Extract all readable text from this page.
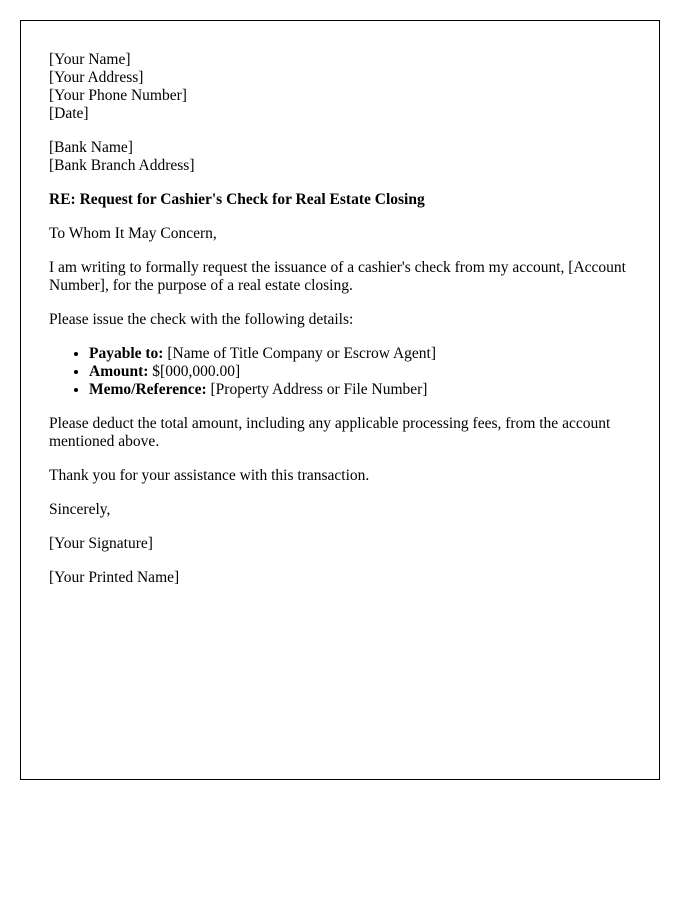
[Your Name]
[Your Address]
[Your Phone Number]
[Date]
[Bank Name]
[Bank Branch Address]
RE: Request for Cashier's Check for Real Estate Closing

To Whom It May Concern,

I am writing to formally request the issuance of a cashier's check from my account, [Account Number], for the purpose of a real estate closing.

Please issue the check with the following details:

• Payable to: [Name of Title Company or Escrow Agent]
• Amount: $[000,000.00]
• Memo/Reference: [Property Address or File Number]

Please deduct the total amount, including any applicable processing fees, from the account mentioned above.

Thank you for your assistance with this transaction.

Sincerely,

[Your Signature]

[Your Printed Name]
